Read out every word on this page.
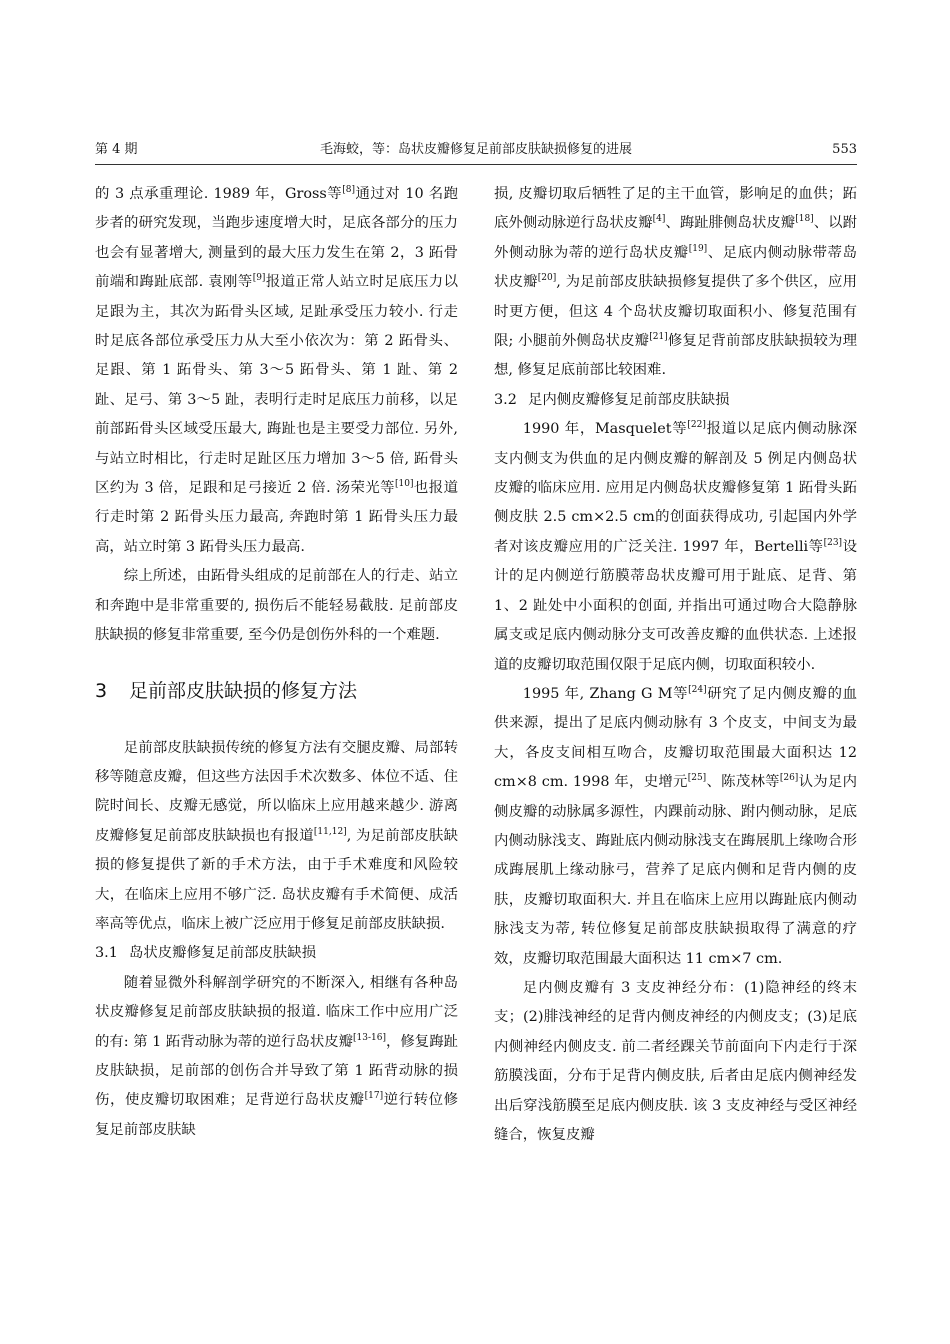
第 4 期	毛海蛟，等：岛状皮瓣修复足前部皮肤缺损修复的进展	553

的 3 点承重理论. 1989 年，Gross等[8]通过对 10 名跑步者的研究发现，当跑步速度增大时，足底各部分的压力也会有显著增大, 测量到的最大压力发生在第 2，3 跖骨前端和踇趾底部. 袁刚等[9]报道正常人站立时足底压力以足跟为主，其次为跖骨头区域, 足趾承受压力较小. 行走时足底各部位承受压力从大至小依次为：第 2 跖骨头、足跟、第 1 跖骨头、第 3～5 跖骨头、第 1 趾、第 2 趾、足弓、第 3～5 趾，表明行走时足底压力前移，以足前部跖骨头区域受压最大, 踇趾也是主要受力部位. 另外, 与站立时相比，行走时足趾区压力增加 3～5 倍, 跖骨头区约为 3 倍，足跟和足弓接近 2 倍. 汤荣光等[10]也报道行走时第 2 跖骨头压力最高, 奔跑时第 1 跖骨头压力最高，站立时第 3 跖骨头压力最高.

综上所述，由跖骨头组成的足前部在人的行走、站立和奔跑中是非常重要的, 损伤后不能轻易截肢. 足前部皮肤缺损的修复非常重要, 至今仍是创伤外科的一个难题.

3 足前部皮肤缺损的修复方法

足前部皮肤缺损传统的修复方法有交腿皮瓣、局部转移等随意皮瓣，但这些方法因手术次数多、体位不适、住院时间长、皮瓣无感觉，所以临床上应用越来越少. 游离皮瓣修复足前部皮肤缺损也有报道[11,12], 为足前部皮肤缺损的修复提供了新的手术方法，由于手术难度和风险较大，在临床上应用不够广泛. 岛状皮瓣有手术简便、成活率高等优点，临床上被广泛应用于修复足前部皮肤缺损.

3.1 岛状皮瓣修复足前部皮肤缺损

随着显微外科解剖学研究的不断深入, 相继有各种岛状皮瓣修复足前部皮肤缺损的报道. 临床工作中应用广泛的有: 第 1 跖背动脉为蒂的逆行岛状皮瓣[13-16]，修复踇趾皮肤缺损，足前部的创伤合并导致了第 1 跖背动脉的损伤，使皮瓣切取困难；足背逆行岛状皮瓣[17]逆行转位修复足前部皮肤缺

损, 皮瓣切取后牺牲了足的主干血管，影响足的血供；跖底外侧动脉逆行岛状皮瓣[4]、踇趾腓侧岛状皮瓣[18]、以跗外侧动脉为蒂的逆行岛状皮瓣[19]、足底内侧动脉带蒂岛状皮瓣[20], 为足前部皮肤缺损修复提供了多个供区，应用时更方便，但这 4 个岛状皮瓣切取面积小、修复范围有限; 小腿前外侧岛状皮瓣[21]修复足背前部皮肤缺损较为理想, 修复足底前部比较困难.

3.2 足内侧皮瓣修复足前部皮肤缺损

1990 年，Masquelet等[22]报道以足底内侧动脉深支内侧支为供血的足内侧皮瓣的解剖及 5 例足内侧岛状皮瓣的临床应用. 应用足内侧岛状皮瓣修复第 1 跖骨头跖侧皮肤 2.5 cm×2.5 cm的创面获得成功, 引起国内外学者对该皮瓣应用的广泛关注. 1997 年，Bertelli等[23]设计的足内侧逆行筋膜蒂岛状皮瓣可用于趾底、足背、第 1、2 趾处中小面积的创面, 并指出可通过吻合大隐静脉属支或足底内侧动脉分支可改善皮瓣的血供状态. 上述报道的皮瓣切取范围仅限于足底内侧，切取面积较小.

1995 年, Zhang G M等[24]研究了足内侧皮瓣的血供来源，提出了足底内侧动脉有 3 个皮支，中间支为最大，各皮支间相互吻合，皮瓣切取范围最大面积达 12 cm×8 cm. 1998 年，史增元[25]、陈茂林等[26]认为足内侧皮瓣的动脉属多源性，内踝前动脉、跗内侧动脉，足底内侧动脉浅支、踇趾底内侧动脉浅支在踇展肌上缘吻合形成踇展肌上缘动脉弓，营养了足底内侧和足背内侧的皮肤，皮瓣切取面积大. 并且在临床上应用以踇趾底内侧动脉浅支为蒂, 转位修复足前部皮肤缺损取得了满意的疗效，皮瓣切取范围最大面积达 11 cm×7 cm.

足内侧皮瓣有 3 支皮神经分布：(1)隐神经的终末支；(2)腓浅神经的足背内侧皮神经的内侧皮支；(3)足底内侧神经内侧皮支. 前二者经踝关节前面向下内走行于深筋膜浅面，分布于足背内侧皮肤, 后者由足底内侧神经发出后穿浅筋膜至足底内侧皮肤. 该 3 支皮神经与受区神经缝合，恢复皮瓣
